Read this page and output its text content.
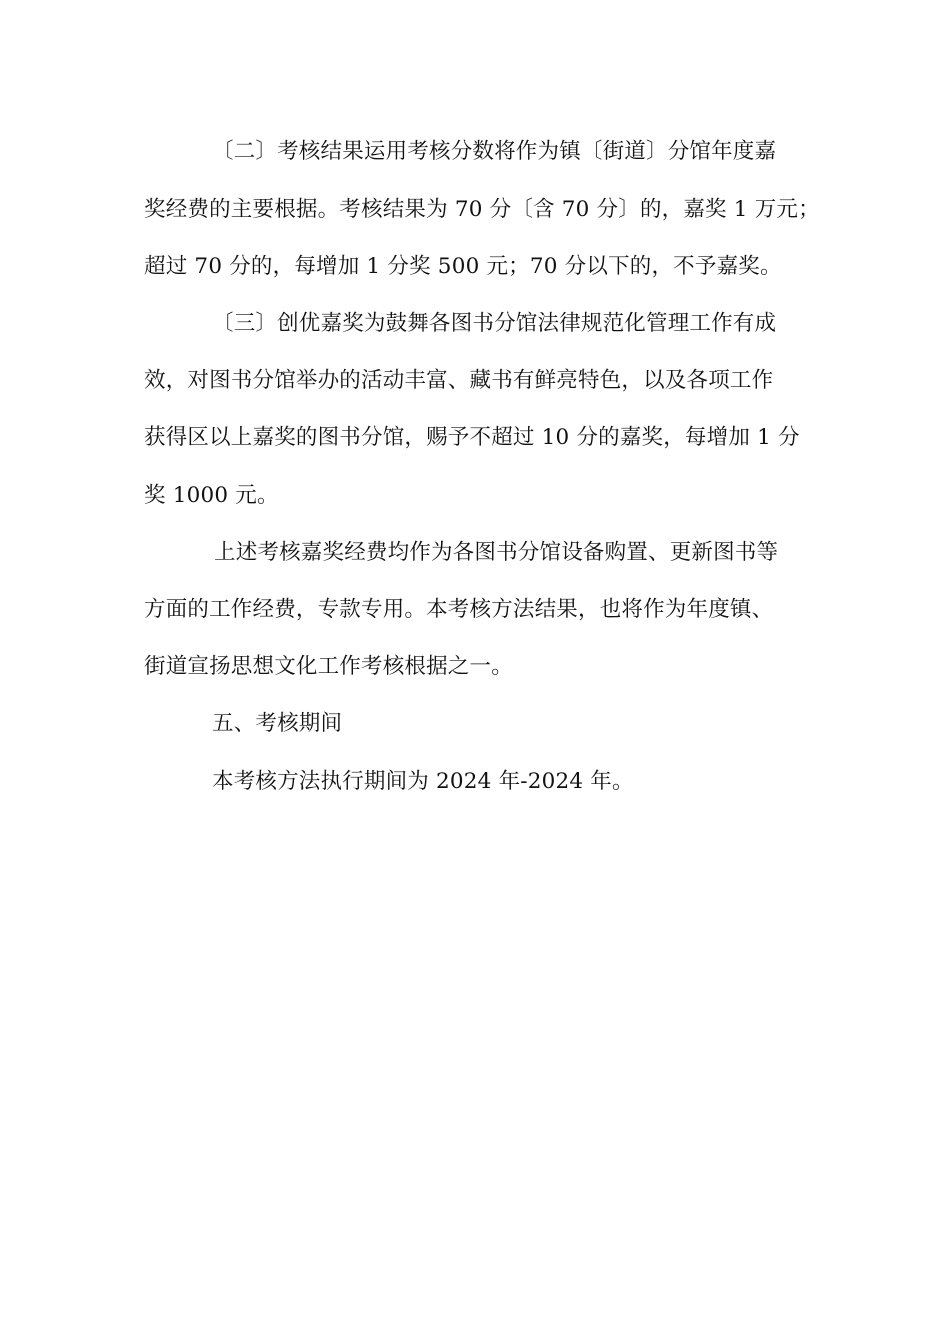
〔二〕考核结果运用考核分数将作为镇〔街道〕分馆年度嘉
奖经费的主要根据。考核结果为 70 分〔含 70 分〕的，嘉奖 1 万元；
超过 70 分的，每增加 1 分奖 500 元；70 分以下的，不予嘉奖。
〔三〕创优嘉奖为鼓舞各图书分馆法律规范化管理工作有成
效，对图书分馆举办的活动丰富、藏书有鲜亮特色，以及各项工作
获得区以上嘉奖的图书分馆，赐予不超过 10 分的嘉奖，每增加 1 分
奖 1000 元。
上述考核嘉奖经费均作为各图书分馆设备购置、更新图书等
方面的工作经费，专款专用。本考核方法结果，也将作为年度镇、
街道宣扬思想文化工作考核根据之一。
五、考核期间
本考核方法执行期间为 2024 年-2024 年。
